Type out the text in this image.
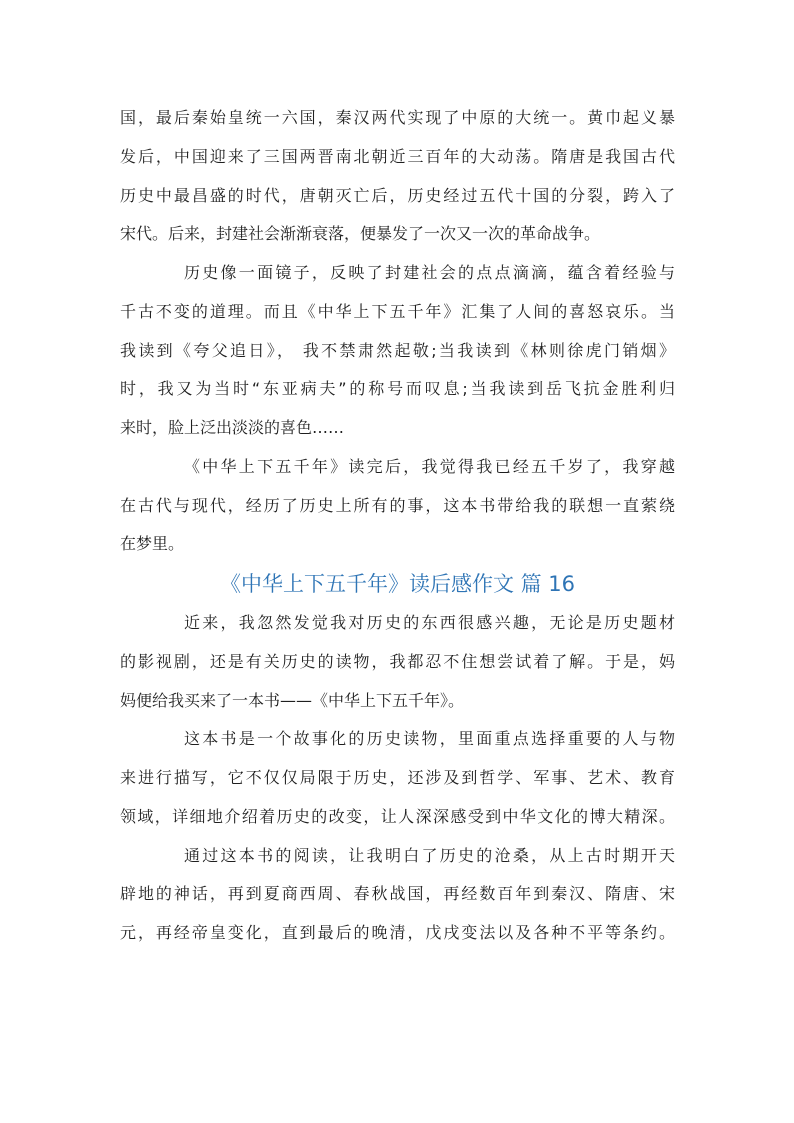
国，最后秦始皇统一六国，秦汉两代实现了中原的大统一。黄巾起义暴
发后，中国迎来了三国两晋南北朝近三百年的大动荡。隋唐是我国古代
历史中最昌盛的时代，唐朝灭亡后，历史经过五代十国的分裂，跨入了
宋代。后来，封建社会渐渐衰落，便暴发了一次又一次的革命战争。
历史像一面镜子，反映了封建社会的点点滴滴，蕴含着经验与
千古不变的道理。而且《中华上下五千年》汇集了人间的喜怒哀乐。当
我读到《夸父追日》， 我不禁肃然起敬;当我读到《林则徐虎门销烟》
时，我又为当时“东亚病夫”的称号而叹息;当我读到岳飞抗金胜利归
来时，脸上泛出淡淡的喜色……
《中华上下五千年》读完后，我觉得我已经五千岁了，我穿越
在古代与现代，经历了历史上所有的事，这本书带给我的联想一直萦绕
在梦里。
《中华上下五千年》读后感作文 篇 16
近来，我忽然发觉我对历史的东西很感兴趣，无论是历史题材
的影视剧，还是有关历史的读物，我都忍不住想尝试着了解。于是，妈
妈便给我买来了一本书——《中华上下五千年》。
这本书是一个故事化的历史读物，里面重点选择重要的人与物
来进行描写，它不仅仅局限于历史，还涉及到哲学、军事、艺术、教育
领域，详细地介绍着历史的改变，让人深深感受到中华文化的博大精深。
通过这本书的阅读，让我明白了历史的沧桑，从上古时期开天
辟地的神话，再到夏商西周、春秋战国，再经数百年到秦汉、隋唐、宋
元，再经帝皇变化，直到最后的晚清，戊戌变法以及各种不平等条约。
